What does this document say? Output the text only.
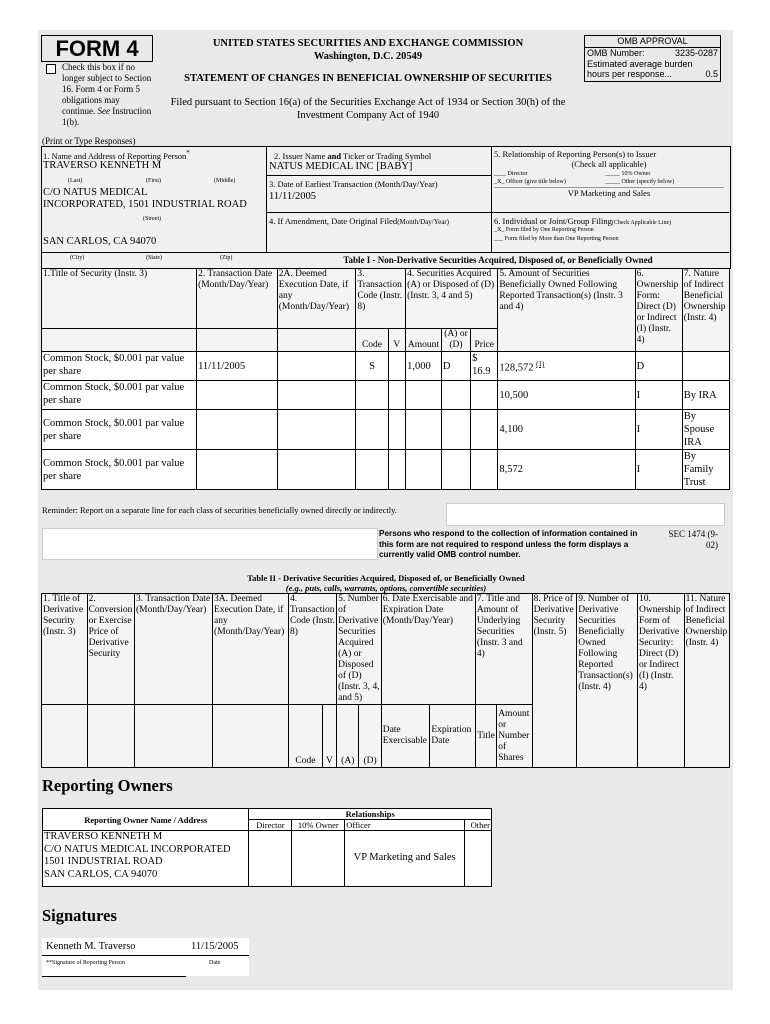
FORM 4
Check this box if no longer subject to Section 16. Form 4 or Form 5 obligations may continue. See Instruction 1(b).
UNITED STATES SECURITIES AND EXCHANGE COMMISSION
Washington, D.C. 20549
STATEMENT OF CHANGES IN BENEFICIAL OWNERSHIP OF SECURITIES
Filed pursuant to Section 16(a) of the Securities Exchange Act of 1934 or Section 30(h) of the
Investment Company Act of 1940
OMB APPROVAL
OMB Number:	3235-0287
Estimated average burden
hours per response...	0.5
(Print or Type Responses)
1. Name and Address of Reporting Person*
TRAVERSO KENNETH M
(Last)	(First)	(Middle)
C/O NATUS MEDICAL
INCORPORATED, 1501 INDUSTRIAL ROAD
(Street)
SAN CARLOS, CA 94070
(City)	(State)	(Zip)
2. Issuer Name and Ticker or Trading Symbol
NATUS MEDICAL INC [BABY]
3. Date of Earliest Transaction (Month/Day/Year)
11/11/2005
4. If Amendment, Date Original Filed(Month/Day/Year)
5. Relationship of Reporting Person(s) to Issuer
(Check all applicable)
____ Director	_____ 10% Owner
_X_ Officer (give title below)	_____ Other (specify below)
VP Marketing and Sales
6. Individual or Joint/Group Filing(Check Applicable Line)
_X_ Form filed by One Reporting Person
___ Form filed by More than One Reporting Person
Table I - Non-Derivative Securities Acquired, Disposed of, or Beneficially Owned
1.Title of Security (Instr. 3)	2. Transaction Date (Month/Day/Year)	2A. Deemed Execution Date, if any (Month/Day/Year)	3. Transaction Code (Instr. 8)		4. Securities Acquired (A) or Disposed of (D) (Instr. 3, 4 and 5)			5. Amount of Securities Beneficially Owned Following Reported Transaction(s) (Instr. 3 and 4)	6. Ownership Form: Direct (D) or Indirect (I) (Instr. 4)	7. Nature of Indirect Beneficial Ownership (Instr. 4)
			Code	V	Amount	(A) or (D)	Price			
Common Stock, $0.001 par value per share	11/11/2005		S		1,000	D	$ 16.9	128,572 $^{(1)}$	D	
Common Stock, $0.001 par value per share								10,500	I	By IRA
Common Stock, $0.001 par value per share								4,100	I	By Spouse IRA
Common Stock, $0.001 par value per share								8,572	I	By Family Trust
Reminder: Report on a separate line for each class of securities beneficially owned directly or indirectly.
Persons who respond to the collection of information contained in this form are not required to respond unless the form displays a currently valid OMB control number.
SEC 1474 (9-02)
Table II - Derivative Securities Acquired, Disposed of, or Beneficially Owned
(e.g., puts, calls, warrants, options, convertible securities)
1. Title of Derivative Security (Instr. 3)	2. Conversion or Exercise Price of Derivative Security	3. Transaction Date (Month/Day/Year)	3A. Deemed Execution Date, if any (Month/Day/Year)	4. Transaction Code (Instr. 8)		5. Number of Derivative Securities Acquired (A) or Disposed of (D) (Instr. 3, 4, and 5)		6. Date Exercisable and Expiration Date (Month/Day/Year)		7. Title and Amount of Underlying Securities (Instr. 3 and 4)		8. Price of Derivative Security (Instr. 5)	9. Number of Derivative Securities Beneficially Owned Following Reported Transaction(s) (Instr. 4)	10. Ownership Form of Derivative Security: Direct (D) or Indirect (I) (Instr. 4)	11. Nature of Indirect Beneficial Ownership (Instr. 4)
				Code	V	(A)	(D)	Date Exercisable	Expiration Date	Title	Amount or Number of Shares				
Reporting Owners
Reporting Owner Name / Address	Relationships			
	Director	10% Owner	Officer	Other

TRAVERSO KENNETH M
C/O NATUS MEDICAL INCORPORATED
1501 INDUSTRIAL ROAD
SAN CARLOS, CA 94070			VP Marketing and Sales	
Signatures
Kenneth M. Traverso
**Signature of Reporting Person
11/15/2005
Date
